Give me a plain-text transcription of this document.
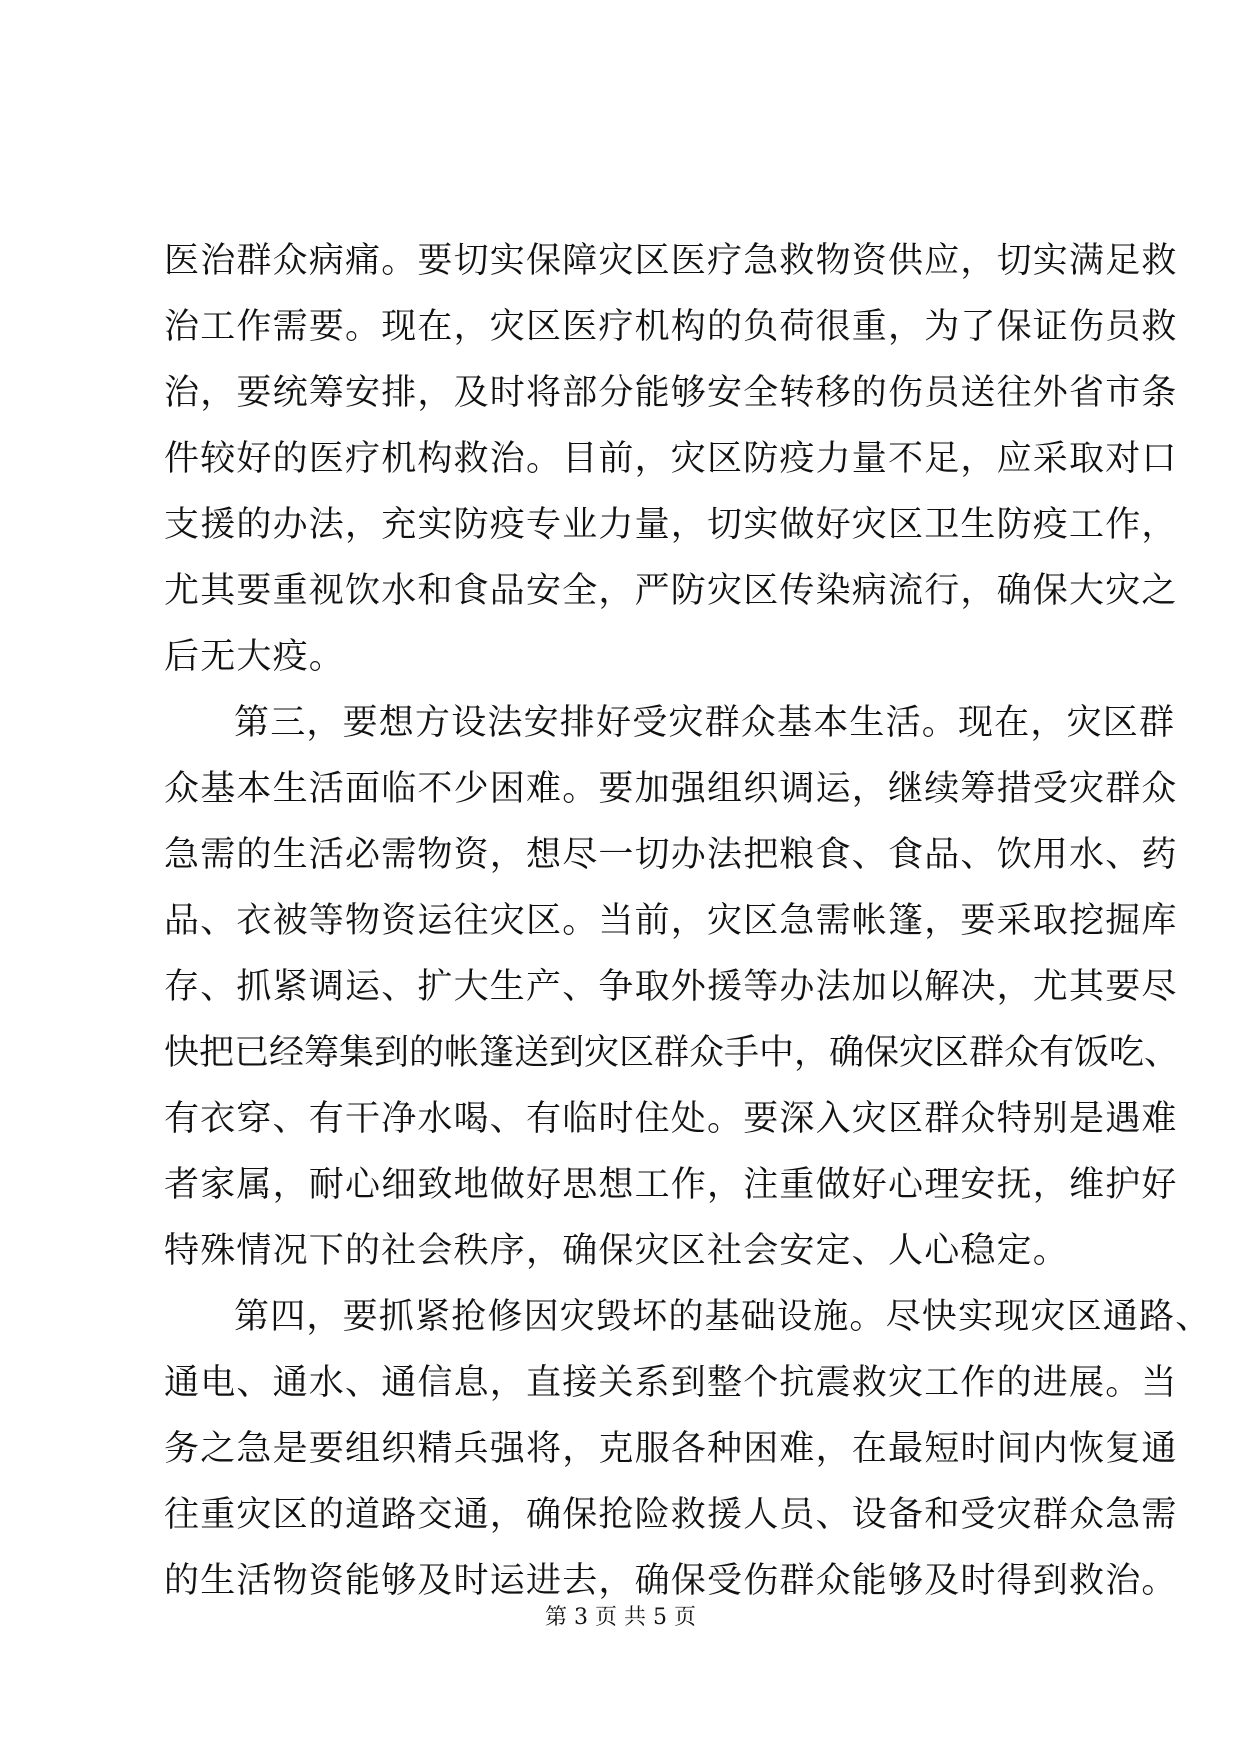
医治群众病痛。要切实保障灾区医疗急救物资供应，切实满足救
治工作需要。现在，灾区医疗机构的负荷很重，为了保证伤员救
治，要统筹安排，及时将部分能够安全转移的伤员送往外省市条
件较好的医疗机构救治。目前，灾区防疫力量不足，应采取对口
支援的办法，充实防疫专业力量，切实做好灾区卫生防疫工作，
尤其要重视饮水和食品安全，严防灾区传染病流行，确保大灾之
后无大疫。
第三，要想方设法安排好受灾群众基本生活。现在，灾区群
众基本生活面临不少困难。要加强组织调运，继续筹措受灾群众
急需的生活必需物资，想尽一切办法把粮食、食品、饮用水、药
品、衣被等物资运往灾区。当前，灾区急需帐篷，要采取挖掘库
存、抓紧调运、扩大生产、争取外援等办法加以解决，尤其要尽
快把已经筹集到的帐篷送到灾区群众手中，确保灾区群众有饭吃、
有衣穿、有干净水喝、有临时住处。要深入灾区群众特别是遇难
者家属，耐心细致地做好思想工作，注重做好心理安抚，维护好
特殊情况下的社会秩序，确保灾区社会安定、人心稳定。
第四，要抓紧抢修因灾毁坏的基础设施。尽快实现灾区通路、
通电、通水、通信息，直接关系到整个抗震救灾工作的进展。当
务之急是要组织精兵强将，克服各种困难，在最短时间内恢复通
往重灾区的道路交通，确保抢险救援人员、设备和受灾群众急需
的生活物资能够及时运进去，确保受伤群众能够及时得到救治。
第 3 页 共 5 页
